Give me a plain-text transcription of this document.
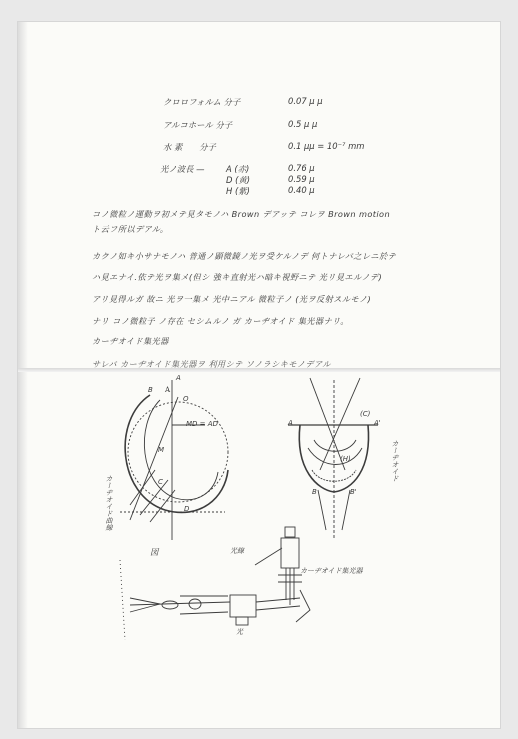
クロロフォルム 分子	0.07 μ μ
アルコホール 分子	0.5 μ μ
水 素　　分子	0.1 μμ = 10⁻⁷ mm
光ノ波長 —	A (赤)	0.76 μ
D (黄)	0.59 μ
H (紫)	0.40 μ
コノ微粒ノ運動ヲ初メテ見タモノハ Brown デアッテ コレヲ Brown motion
ト云フ所以デアル。
カクノ如キ小サナモノハ 普通ノ顕微鏡ノ光ヲ受ケルノデ 何トナレバ之レニ於テ
ハ見エナイ.依テ光ヲ集メ(但シ 強キ直射光ハ暗キ視野ニテ 光リ見エルノデ)
アリ見得ルガ 故ニ 光ヲ一集メ 光中ニアル 微粒子ノ (光ヲ反射スルモノ)
ナリ コノ微粒子 ノ存在 セシムルノ ガ カーヂオイド 集光器ナリ。
カーヂオイド集光器
サレバ カーヂオイド集光器ヲ 利用シテ ソノラシキモノデアル
A
A
O
B
M
C
D
MD = AD
カーヂオイド曲線
図
A	A'
B	B'
(C)
(H)
光線
カーヂオイド集光器
光
カーヂオイド
